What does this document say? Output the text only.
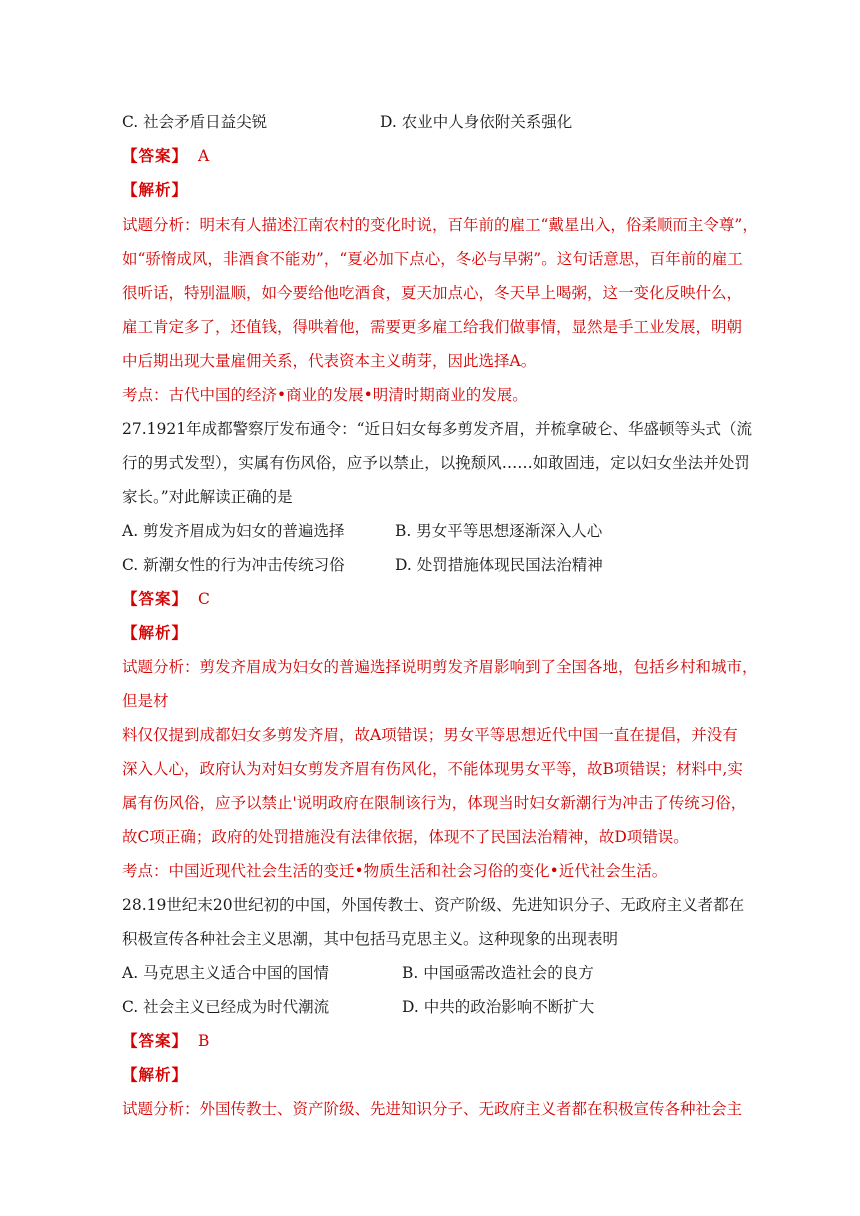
C. 社会矛盾日益尖锐	D. 农业中人身依附关系强化
【答案】 A
【解析】
试题分析：明末有人描述江南农村的变化时说，百年前的雇工“戴星出入，俗柔顺而主令尊”，
如“骄惰成风，非酒食不能劝”，“夏必加下点心，冬必与早粥”。这句话意思，百年前的雇工
很听话，特别温顺，如今要给他吃酒食，夏天加点心，冬天早上喝粥，这一变化反映什么，
雇工肯定多了，还值钱，得哄着他，需要更多雇工给我们做事情，显然是手工业发展，明朝
中后期出现大量雇佣关系，代表资本主义萌芽，因此选择A。
考点：古代中国的经济•商业的发展•明清时期商业的发展。
27.1921年成都警察厅发布通令：“近日妇女每多剪发齐眉，并梳拿破仑、华盛顿等头式（流
行的男式发型），实属有伤风俗，应予以禁止，以挽颓风……如敢固违，定以妇女坐法并处罚
家长。”对此解读正确的是
A. 剪发齐眉成为妇女的普遍选择	B. 男女平等思想逐渐深入人心
C. 新潮女性的行为冲击传统习俗	D. 处罚措施体现民国法治精神
【答案】 C
【解析】
试题分析：剪发齐眉成为妇女的普遍选择说明剪发齐眉影响到了全国各地，包括乡村和城市，
但是材
料仅仅提到成都妇女多剪发齐眉，故A项错误；男女平等思想近代中国一直在提倡，并没有
深入人心，政府认为对妇女剪发齐眉有伤风化，不能体现男女平等，故B项错误；材料中,实
属有伤风俗，应予以禁止'说明政府在限制该行为，体现当时妇女新潮行为冲击了传统习俗，
故C项正确；政府的处罚措施没有法律依据，体现不了民国法治精神，故D项错误。
考点：中国近现代社会生活的变迁•物质生活和社会习俗的变化•近代社会生活。
28.19世纪末20世纪初的中国，外国传教士、资产阶级、先进知识分子、无政府主义者都在
积极宣传各种社会主义思潮，其中包括马克思主义。这种现象的出现表明
A. 马克思主义适合中国的国情	B. 中国亟需改造社会的良方
C. 社会主义已经成为时代潮流	D. 中共的政治影响不断扩大
【答案】 B
【解析】
试题分析：外国传教士、资产阶级、先进知识分子、无政府主义者都在积极宣传各种社会主
